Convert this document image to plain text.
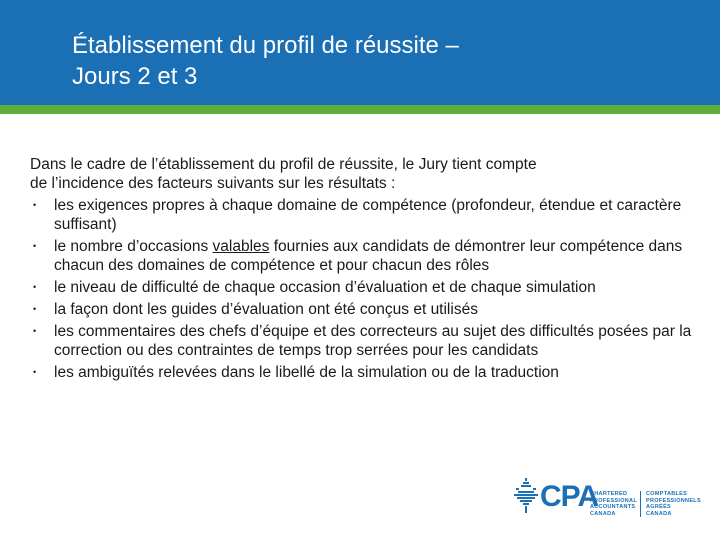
Établissement du profil de réussite –
Jours 2 et 3

Dans le cadre de l’établissement du profil de réussite, le Jury tient compte
de l’incidence des facteurs suivants sur les résultats :

• les exigences propres à chaque domaine de compétence (profondeur, étendue et caractère suffisant)
• le nombre d’occasions valables fournies aux candidats de démontrer leur compétence dans chacun des domaines de compétence et pour chacun des rôles
• le niveau de difficulté de chaque occasion d’évaluation et de chaque simulation
• la façon dont les guides d’évaluation ont été conçus et utilisés
• les commentaires des chefs d’équipe et des correcteurs au sujet des difficultés posées par la correction ou des contraintes de temps trop serrées pour les candidats
• les ambiguïtés relevées dans le libellé de la simulation ou de la traduction
CPA
CHARTERED
PROFESSIONAL
ACCOUNTANTS
CANADA
COMPTABLES
PROFESSIONNELS
AGRÉÉS
CANADA
